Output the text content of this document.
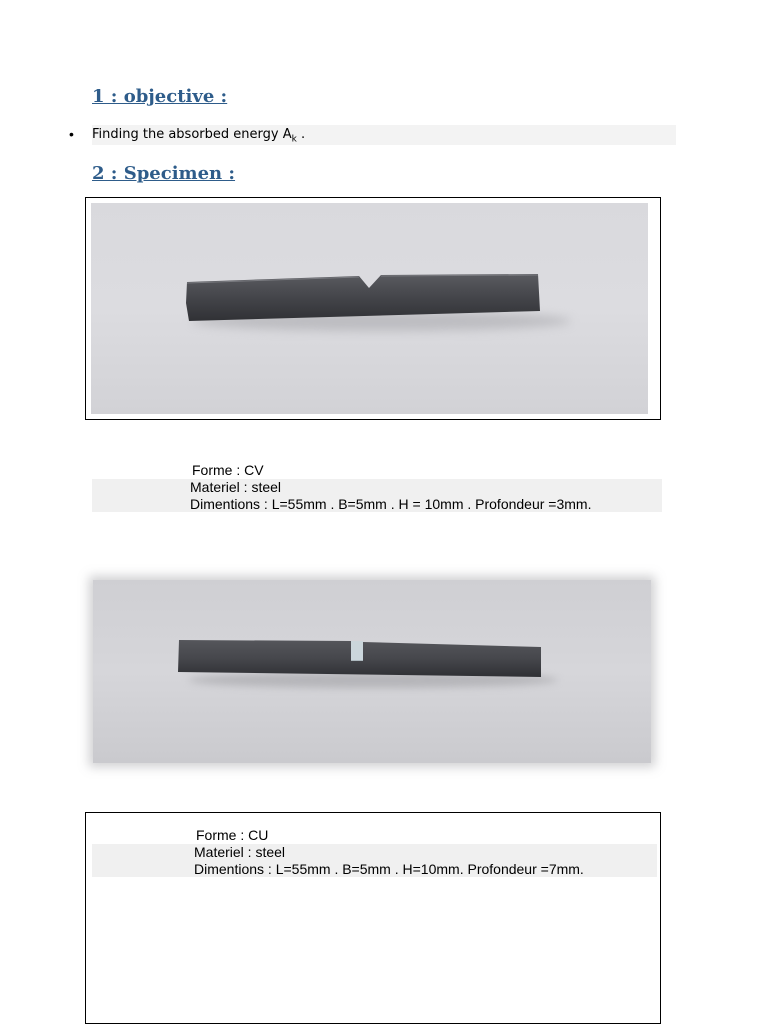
1 : objective :
• Finding the absorbed energy $A_k$ .
2 : Specimen :
Forme : CV
Materiel : steel
Dimentions : L=55mm . B=5mm . H = 10mm . Profondeur =3mm.
Forme : CU
Materiel : steel
Dimentions : L=55mm . B=5mm . H=10mm. Profondeur =7mm.
